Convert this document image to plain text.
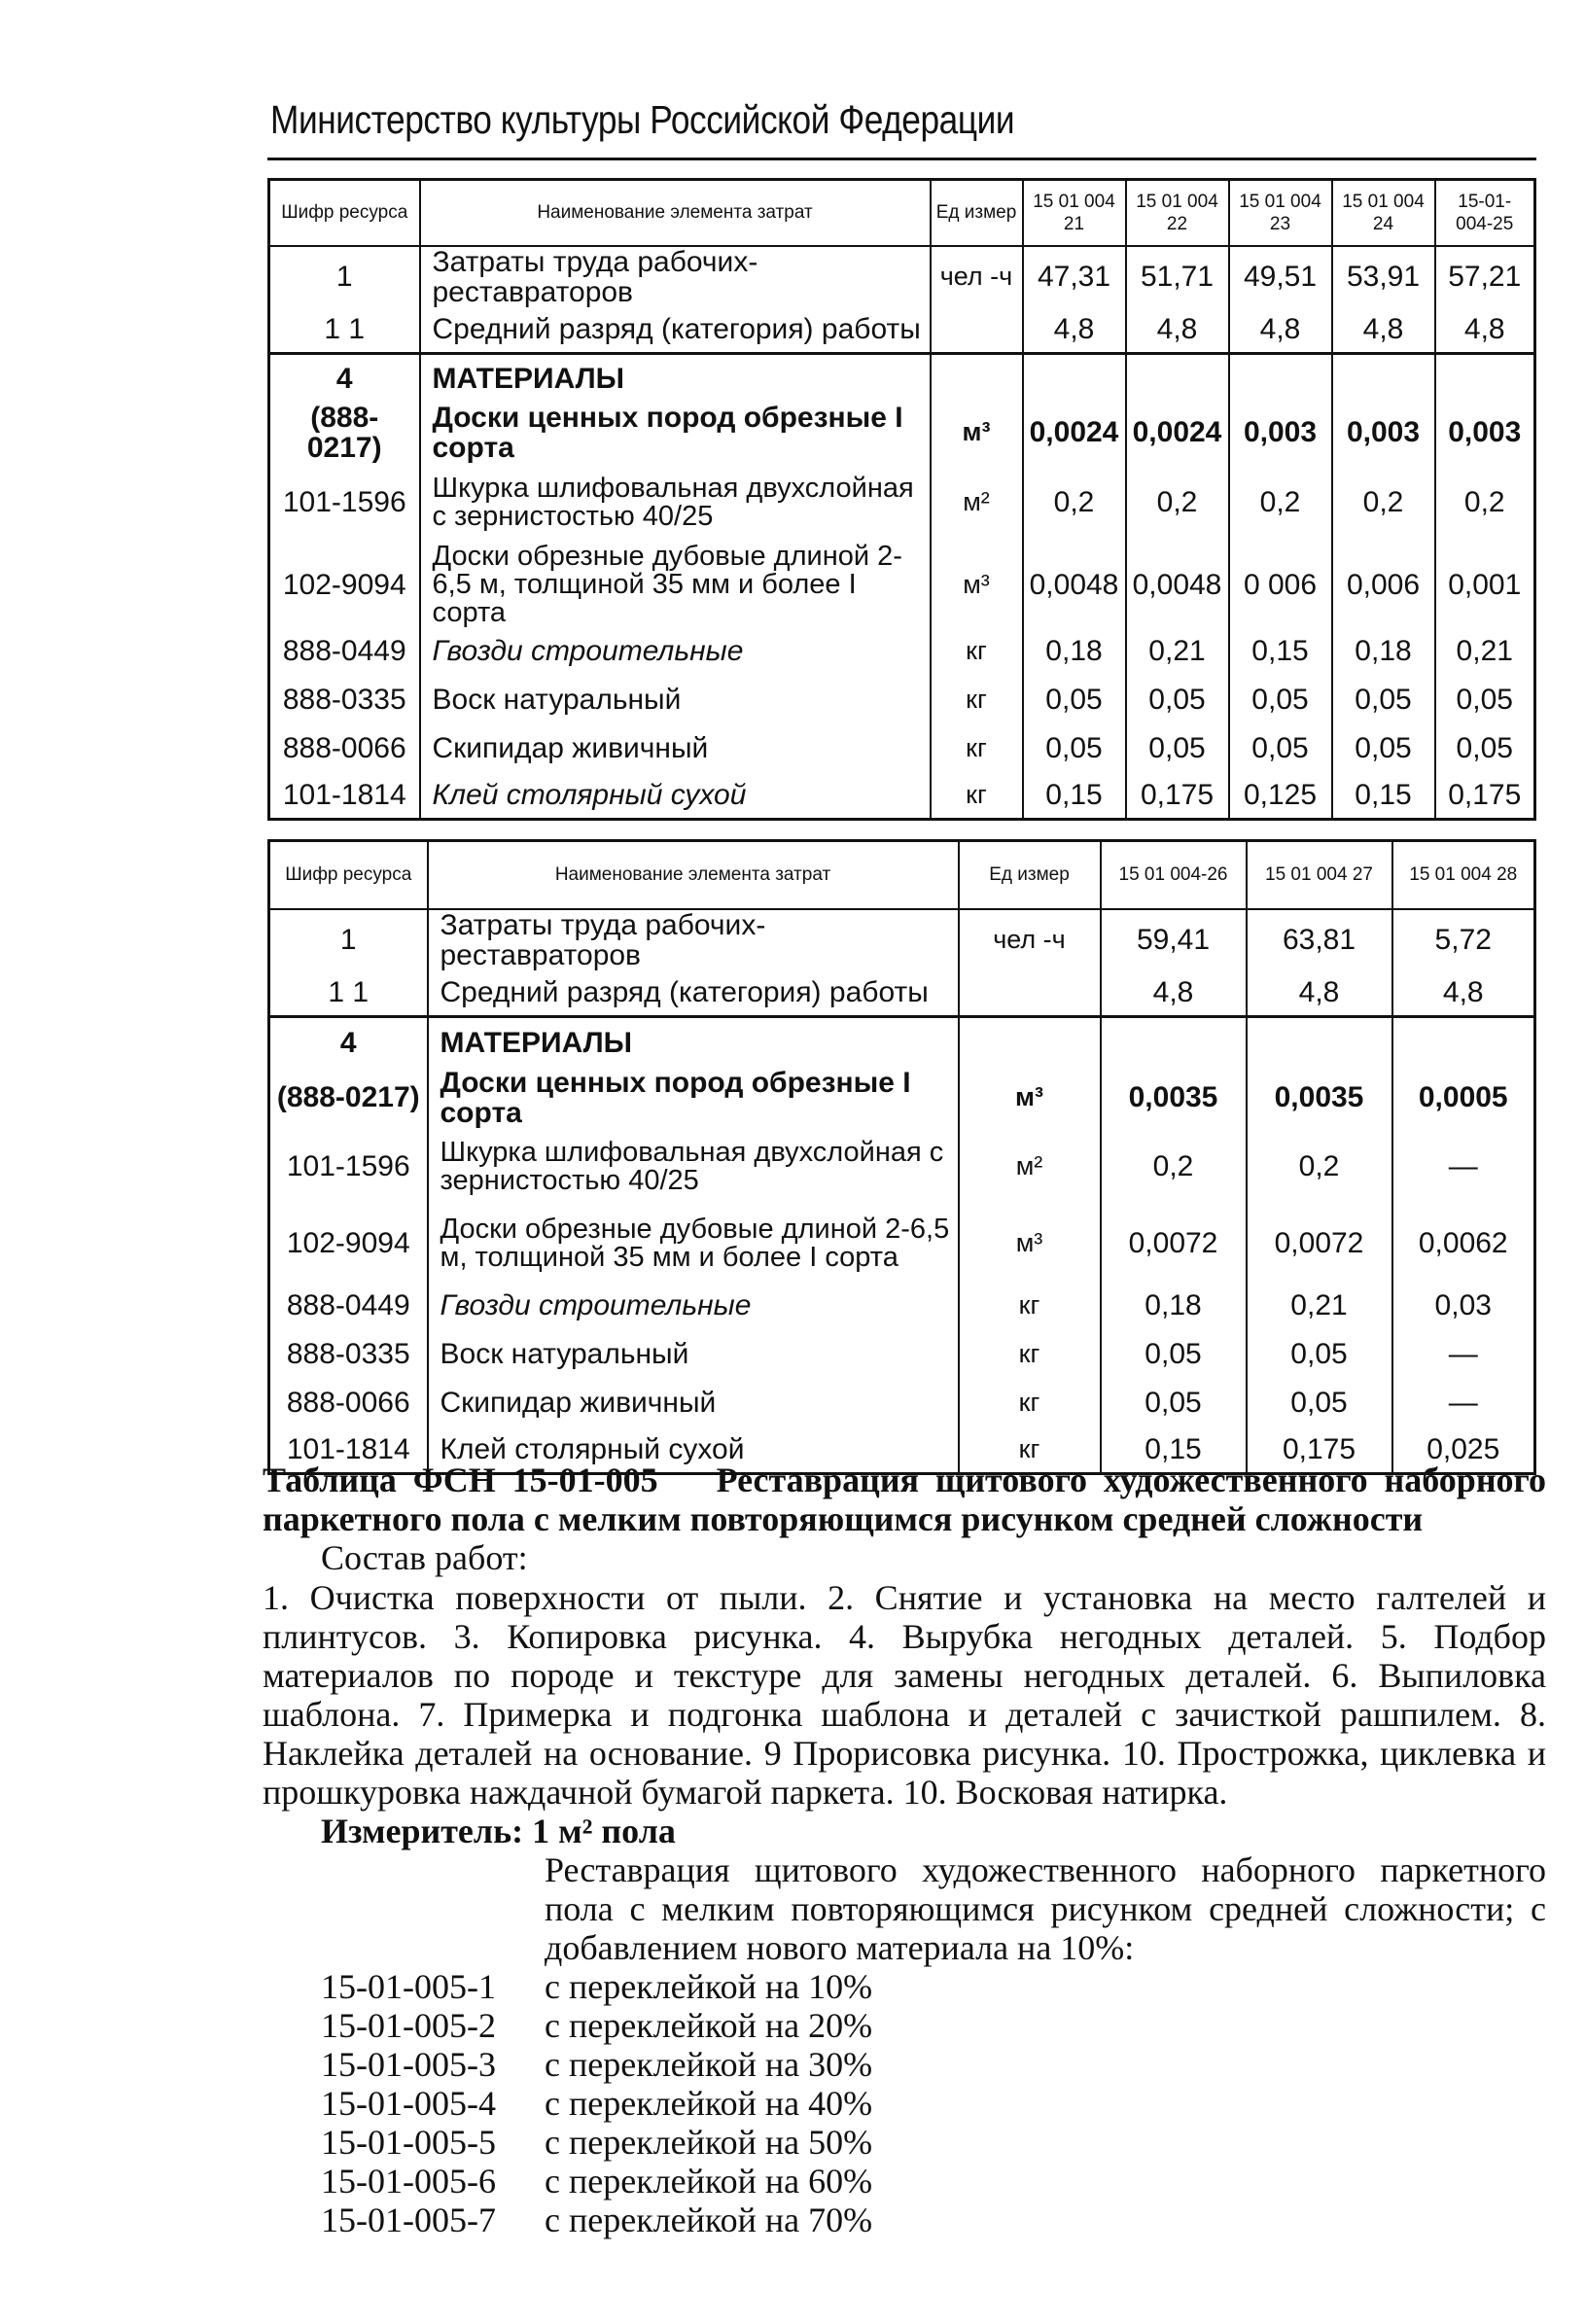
Министерство культуры Российской Федерации
Шифр ресурса	Наименование элемента затрат	Ед измер	15 01 004 21	15 01 004 22	15 01 004 23	15 01 004 24	15-01- 004-25
1	Затраты труда рабочих-реставраторов	чел -ч	47,31	51,71	49,51	53,91	57,21
1 1	Средний разряд (категория) работы		4,8	4,8	4,8	4,8	4,8
4	МАТЕРИАЛЫ						
(888-0217)	Доски ценных пород обрезные I сорта	м³	0,0024	0,0024	0,003	0,003	0,003
101-1596	Шкурка шлифовальная двухслойная с зернистостью 40/25	м²	0,2	0,2	0,2	0,2	0,2
102-9094	Доски обрезные дубовые длиной 2-6,5 м, толщиной 35 мм и более I сорта	м³	0,0048	0,0048	0 006	0,006	0,001
888-0449	Гвозди строительные	кг	0,18	0,21	0,15	0,18	0,21
888-0335	Воск натуральный	кг	0,05	0,05	0,05	0,05	0,05
888-0066	Скипидар живичный	кг	0,05	0,05	0,05	0,05	0,05
101-1814	Клей столярный сухой	кг	0,15	0,175	0,125	0,15	0,175
Шифр ресурса	Наименование элемента затрат	Ед измер	15 01 004-26	15 01 004 27	15 01 004 28
1	Затраты труда рабочих-реставраторов	чел -ч	59,41	63,81	5,72
1 1	Средний разряд (категория) работы		4,8	4,8	4,8
4	МАТЕРИАЛЫ				
(888-0217)	Доски ценных пород обрезные I сорта	м³	0,0035	0,0035	0,0005
101-1596	Шкурка шлифовальная двухслойная с зернистостью 40/25	м²	0,2	0,2	—
102-9094	Доски обрезные дубовые длиной 2-6,5 м, толщиной 35 мм и более I сорта	м³	0,0072	0,0072	0,0062
888-0449	Гвозди строительные	кг	0,18	0,21	0,03
888-0335	Воск натуральный	кг	0,05	0,05	—
888-0066	Скипидар живичный	кг	0,05	0,05	—
101-1814	Клей столярный сухой	кг	0,15	0,175	0,025
Таблица ФСН 15-01-005 Реставрация щитового художественного наборного паркетного пола с мелким повторяющимся рисунком средней сложности
Состав работ:
1. Очистка поверхности от пыли. 2. Снятие и установка на место галтелей и плинтусов. 3. Копировка рисунка. 4. Вырубка негодных деталей. 5. Подбор материалов по породе и текстуре для замены негодных деталей. 6. Выпиловка шаблона. 7. Примерка и подгонка шаблона и деталей с зачисткой рашпилем. 8. Наклейка деталей на основание. 9 Прорисовка рисунка. 10. Прострожка, циклевка и прошкуровка наждачной бумагой паркета. 10. Восковая натирка.
Измеритель: 1 м² пола
Реставрация щитового художественного наборного паркетного пола с мелким повторяющимся рисунком средней сложности; с добавлением нового материала на 10%:
15-01-005-1	с переклейкой на 10%
15-01-005-2	с переклейкой на 20%
15-01-005-3	с переклейкой на 30%
15-01-005-4	с переклейкой на 40%
15-01-005-5	с переклейкой на 50%
15-01-005-6	с переклейкой на 60%
15-01-005-7	с переклейкой на 70%
